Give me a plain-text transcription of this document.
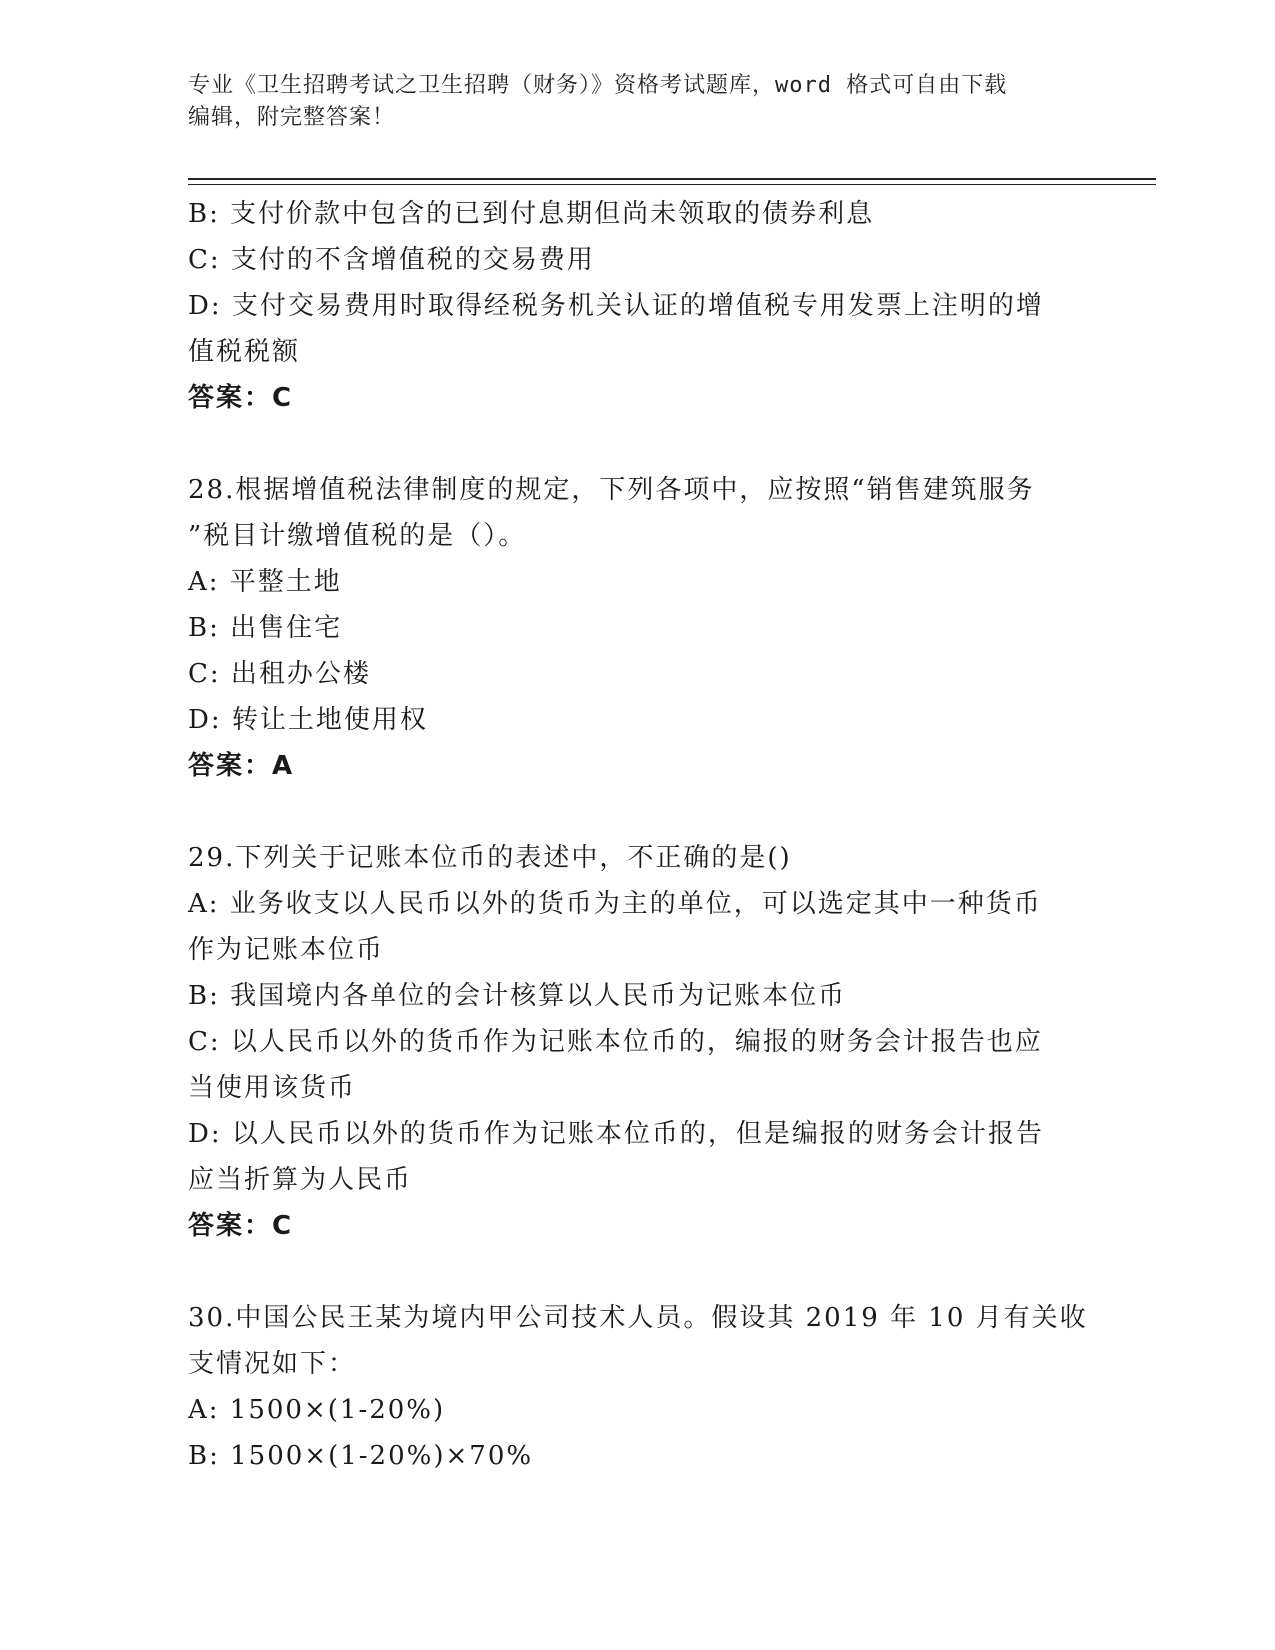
专业《卫生招聘考试之卫生招聘（财务）》资格考试题库，word 格式可自由下载
编辑，附完整答案！
B: 支付价款中包含的已到付息期但尚未领取的债券利息
C: 支付的不含增值税的交易费用
D: 支付交易费用时取得经税务机关认证的增值税专用发票上注明的增
值税税额
答案：C
28.根据增值税法律制度的规定，下列各项中，应按照“销售建筑服务
”税目计缴增值税的是（）。
A: 平整土地
B: 出售住宅
C: 出租办公楼
D: 转让土地使用权
答案：A
29.下列关于记账本位币的表述中，不正确的是()
A: 业务收支以人民币以外的货币为主的单位，可以选定其中一种货币
作为记账本位币
B: 我国境内各单位的会计核算以人民币为记账本位币
C: 以人民币以外的货币作为记账本位币的，编报的财务会计报告也应
当使用该货币
D: 以人民币以外的货币作为记账本位币的，但是编报的财务会计报告
应当折算为人民币
答案：C
30.中国公民王某为境内甲公司技术人员。假设其 2019 年 10 月有关收
支情况如下：
A: 1500×(1-20%)
B: 1500×(1-20%)×70%
